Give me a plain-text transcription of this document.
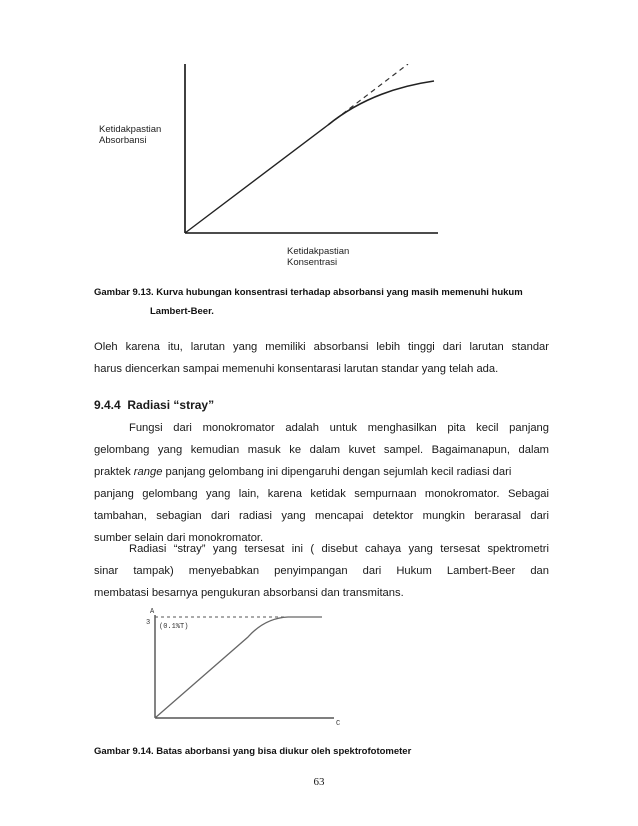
Ketidakpastian
Absorbansi
Ketidakpastian
Konsentrasi
Gambar 9.13. Kurva hubungan konsentrasi terhadap absorbansi yang masih memenuhi hukum
Lambert-Beer.
Oleh karena itu, larutan yang memiliki absorbansi lebih tinggi dari larutan standar
harus diencerkan sampai memenuhi konsentarasi larutan standar yang telah ada.
9.4.4 Radiasi “stray”
Fungsi dari monokromator adalah untuk menghasilkan pita kecil panjang
gelombang yang kemudian masuk ke dalam kuvet sampel. Bagaimanapun, dalam
praktek range panjang gelombang ini dipengaruhi dengan sejumlah kecil radiasi dari
panjang gelombang yang lain, karena ketidak sempurnaan monokromator. Sebagai
tambahan, sebagian dari radiasi yang mencapai detektor mungkin berarasal dari
sumber selain dari monokromator.
Radiasi “stray” yang tersesat ini ( disebut cahaya yang tersesat spektrometri
sinar tampak) menyebabkan penyimpangan dari Hukum Lambert-Beer dan
membatasi besarnya pengukuran absorbansi dan transmitans.
A
3 (0.1%T)
C
Gambar 9.14. Batas aborbansi yang bisa diukur oleh spektrofotometer
63
